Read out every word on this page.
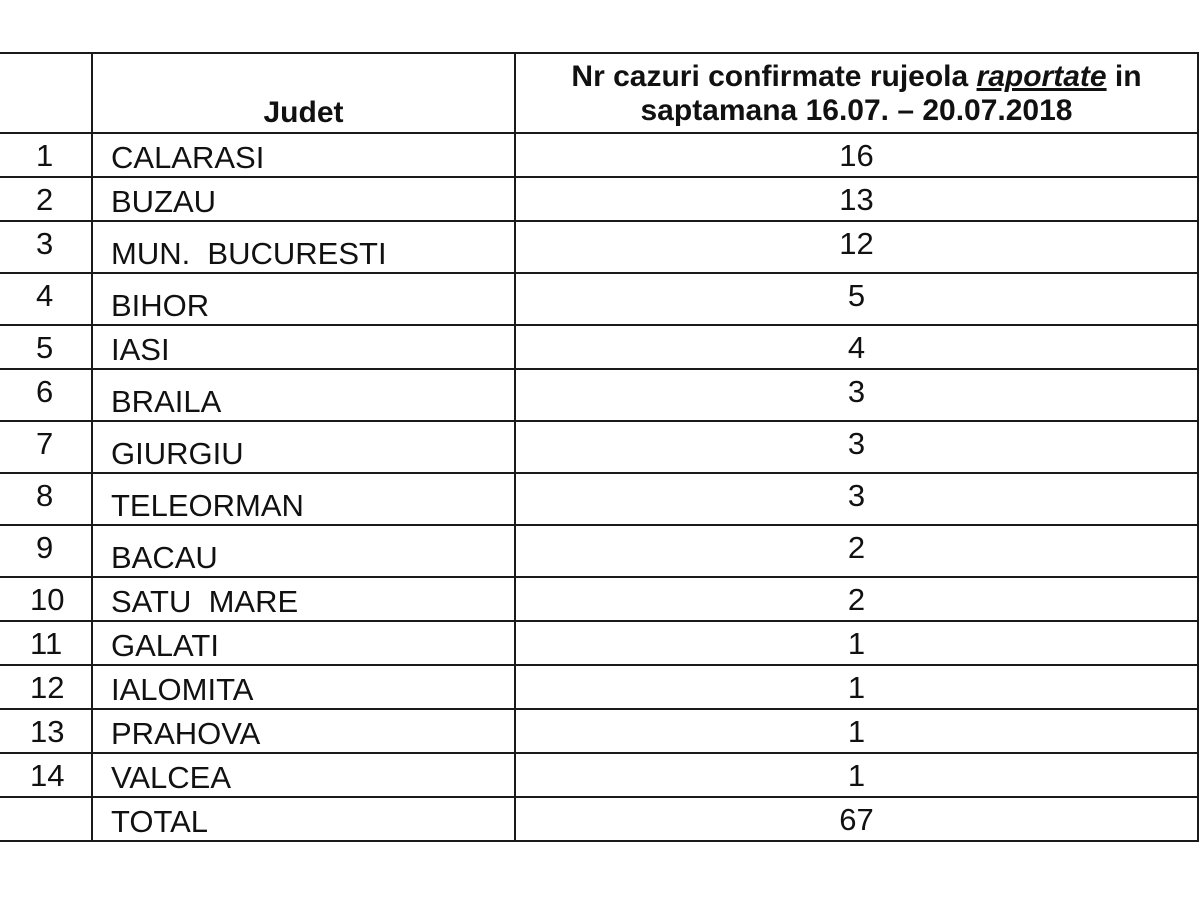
	Judet	Nr cazuri confirmate rujeola raportate in
saptamana 16.07. – 20.07.2018
1	CALARASI	16
2	BUZAU	13
3	MUN.  BUCURESTI	12
4	BIHOR	5
5	IASI	4
6	BRAILA	3
7	GIURGIU	3
8	TELEORMAN	3
9	BACAU	2
10	SATU  MARE	2
11	GALATI	1
12	IALOMITA	1
13	PRAHOVA	1
14	VALCEA	1
	TOTAL	67
